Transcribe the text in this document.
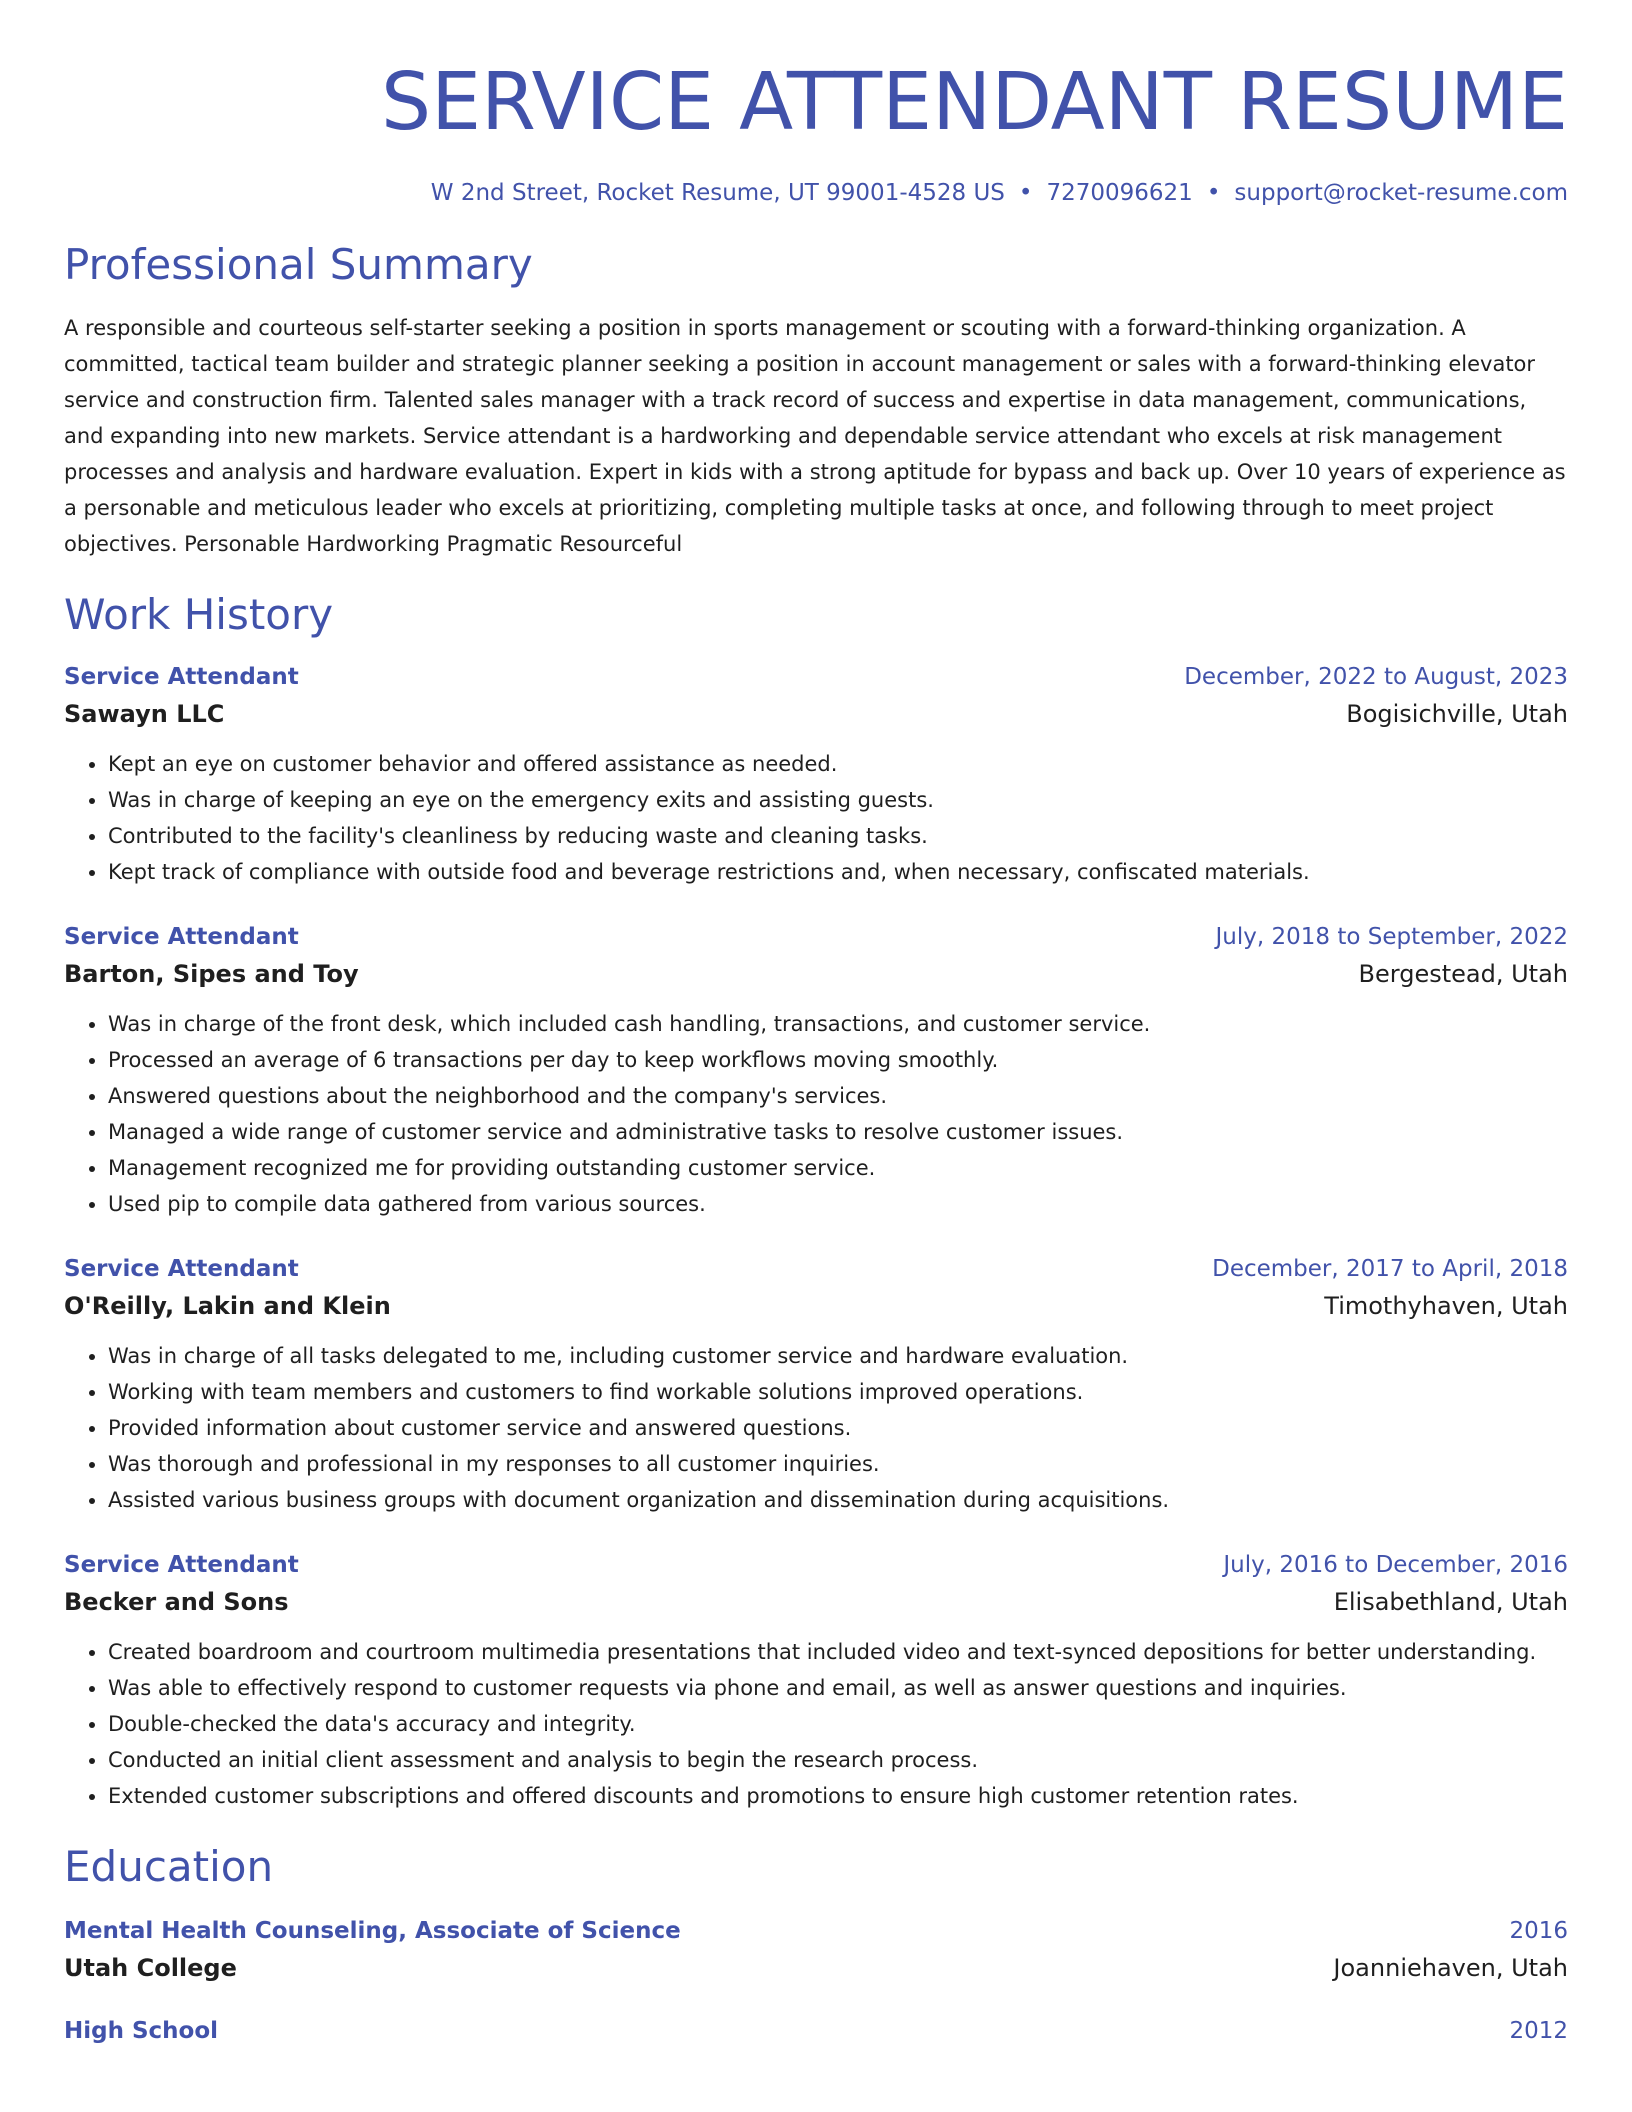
SERVICE ATTENDANT RESUME
W 2nd Street, Rocket Resume, UT 99001-4528 US • 7270096621 • support@rocket-resume.com
Professional Summary
A responsible and courteous self-starter seeking a position in sports management or scouting with a forward-thinking organization. A committed, tactical team builder and strategic planner seeking a position in account management or sales with a forward-thinking elevator service and construction firm. Talented sales manager with a track record of success and expertise in data management, communications, and expanding into new markets. Service attendant is a hardworking and dependable service attendant who excels at risk management processes and analysis and hardware evaluation. Expert in kids with a strong aptitude for bypass and back up. Over 10 years of experience as a personable and meticulous leader who excels at prioritizing, completing multiple tasks at once, and following through to meet project objectives. Personable Hardworking Pragmatic Resourceful
Work History
Service Attendant	December, 2022 to August, 2023
Sawayn LLC	Bogisichville, Utah
• Kept an eye on customer behavior and offered assistance as needed.
• Was in charge of keeping an eye on the emergency exits and assisting guests.
• Contributed to the facility's cleanliness by reducing waste and cleaning tasks.
• Kept track of compliance with outside food and beverage restrictions and, when necessary, confiscated materials.
Service Attendant	July, 2018 to September, 2022
Barton, Sipes and Toy	Bergestead, Utah
• Was in charge of the front desk, which included cash handling, transactions, and customer service.
• Processed an average of 6 transactions per day to keep workflows moving smoothly.
• Answered questions about the neighborhood and the company's services.
• Managed a wide range of customer service and administrative tasks to resolve customer issues.
• Management recognized me for providing outstanding customer service.
• Used pip to compile data gathered from various sources.
Service Attendant	December, 2017 to April, 2018
O'Reilly, Lakin and Klein	Timothyhaven, Utah
• Was in charge of all tasks delegated to me, including customer service and hardware evaluation.
• Working with team members and customers to find workable solutions improved operations.
• Provided information about customer service and answered questions.
• Was thorough and professional in my responses to all customer inquiries.
• Assisted various business groups with document organization and dissemination during acquisitions.
Service Attendant	July, 2016 to December, 2016
Becker and Sons	Elisabethland, Utah
• Created boardroom and courtroom multimedia presentations that included video and text-synced depositions for better understanding.
• Was able to effectively respond to customer requests via phone and email, as well as answer questions and inquiries.
• Double-checked the data's accuracy and integrity.
• Conducted an initial client assessment and analysis to begin the research process.
• Extended customer subscriptions and offered discounts and promotions to ensure high customer retention rates.
Education
Mental Health Counseling, Associate of Science	2016
Utah College	Joanniehaven, Utah
High School	2012
